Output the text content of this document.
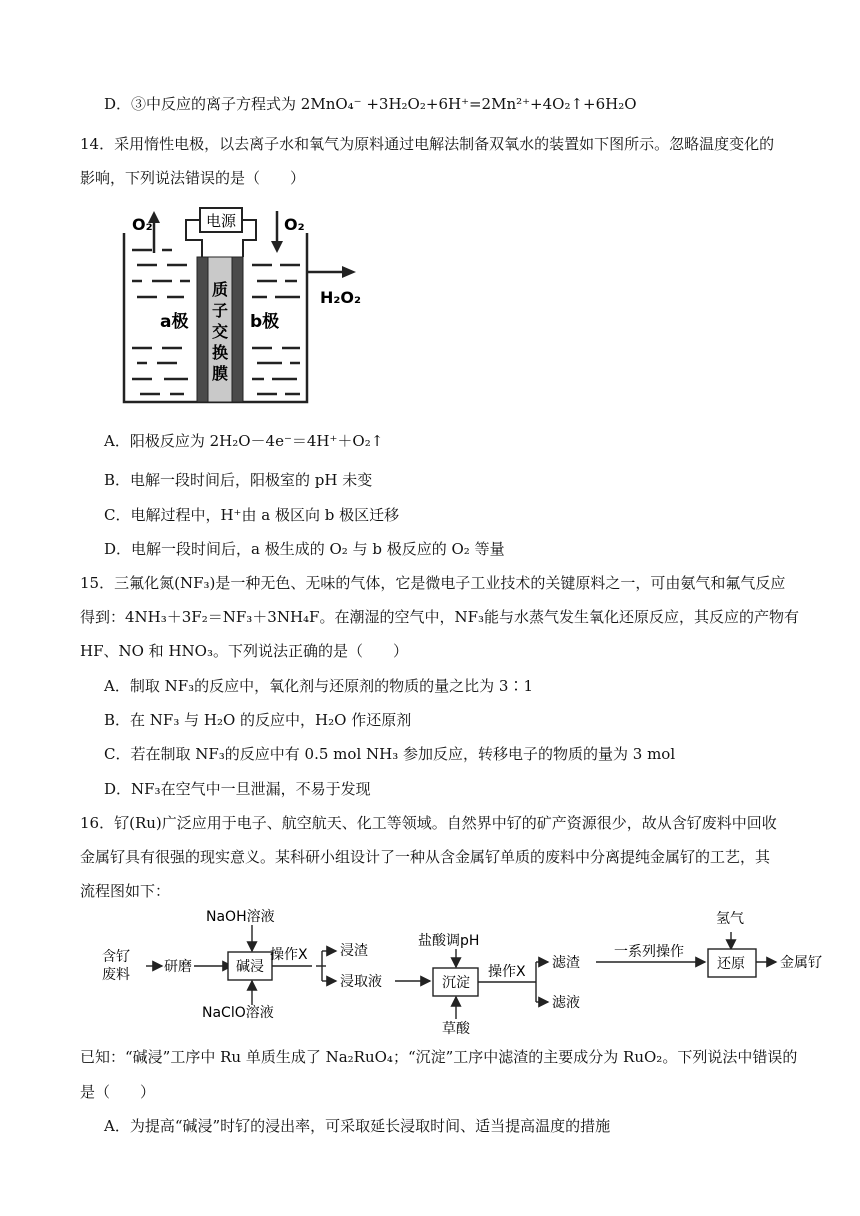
D．③中反应的离子方程式为 2MnO₄⁻ +3H₂O₂+6H⁺=2Mn²⁺+4O₂↑+6H₂O
14．采用惰性电极，以去离子水和氧气为原料通过电解法制备双氧水的装置如下图所示。忽略温度变化的
影响，下列说法错误的是（　　）
O₂	O₂
电源
质
子
交
换
膜
H₂O₂
a极	b极
A．阳极反应为 2H₂O－4e⁻＝4H⁺＋O₂↑
B．电解一段时间后，阳极室的 pH 未变
C．电解过程中，H⁺由 a 极区向 b 极区迁移
D．电解一段时间后，a 极生成的 O₂ 与 b 极反应的 O₂ 等量
15．三氟化氮(NF₃)是一种无色、无味的气体，它是微电子工业技术的关键原料之一，可由氨气和氟气反应
得到：4NH₃＋3F₂＝NF₃＋3NH₄F。在潮湿的空气中，NF₃能与水蒸气发生氧化还原反应，其反应的产物有
HF、NO 和 HNO₃。下列说法正确的是（　　）
A．制取 NF₃的反应中，氧化剂与还原剂的物质的量之比为 3∶1
B．在 NF₃ 与 H₂O 的反应中，H₂O 作还原剂
C．若在制取 NF₃的反应中有 0.5 mol NH₃ 参加反应，转移电子的物质的量为 3 mol
D．NF₃在空气中一旦泄漏，不易于发现
16．钌(Ru)广泛应用于电子、航空航天、化工等领域。自然界中钌的矿产资源很少，故从含钌废料中回收
金属钌具有很强的现实意义。某科研小组设计了一种从含金属钌单质的废料中分离提纯金属钌的工艺，其
流程图如下：
含钌
废料 研磨
NaOH溶液
碱浸
NaClO溶液
操作X 浸渣
浸取液
盐酸调pH
沉淀
草酸
操作X
滤渣
滤液
一系列操作
氢气
还原	金属钌
已知：“碱浸”工序中 Ru 单质生成了 Na₂RuO₄；“沉淀”工序中滤渣的主要成分为 RuO₂。下列说法中错误的
是（　　）
A．为提高“碱浸”时钌的浸出率，可采取延长浸取时间、适当提高温度的措施
